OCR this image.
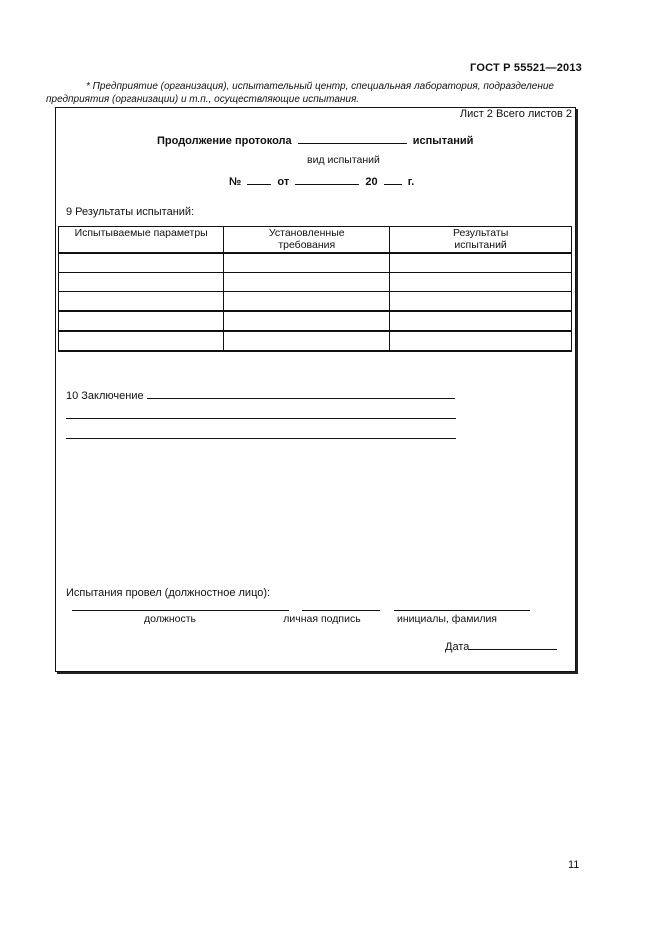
ГОСТ Р 55521—2013
* Предприятие (организация), испытательный центр, специальная лаборатория, подразделение
предприятия (организации) и т.п., осуществляющие испытания.
Лист 2 Всего листов 2
Продолжение протокола	испытаний
вид испытаний
№	от	20	г.
9 Результаты испытаний:
Испытываемые параметры	Установленные требования	Результаты испытаний

10 Заключение
Испытания провел (должностное лицо):
должность	личная подпись	инициалы, фамилия
Дата
11
